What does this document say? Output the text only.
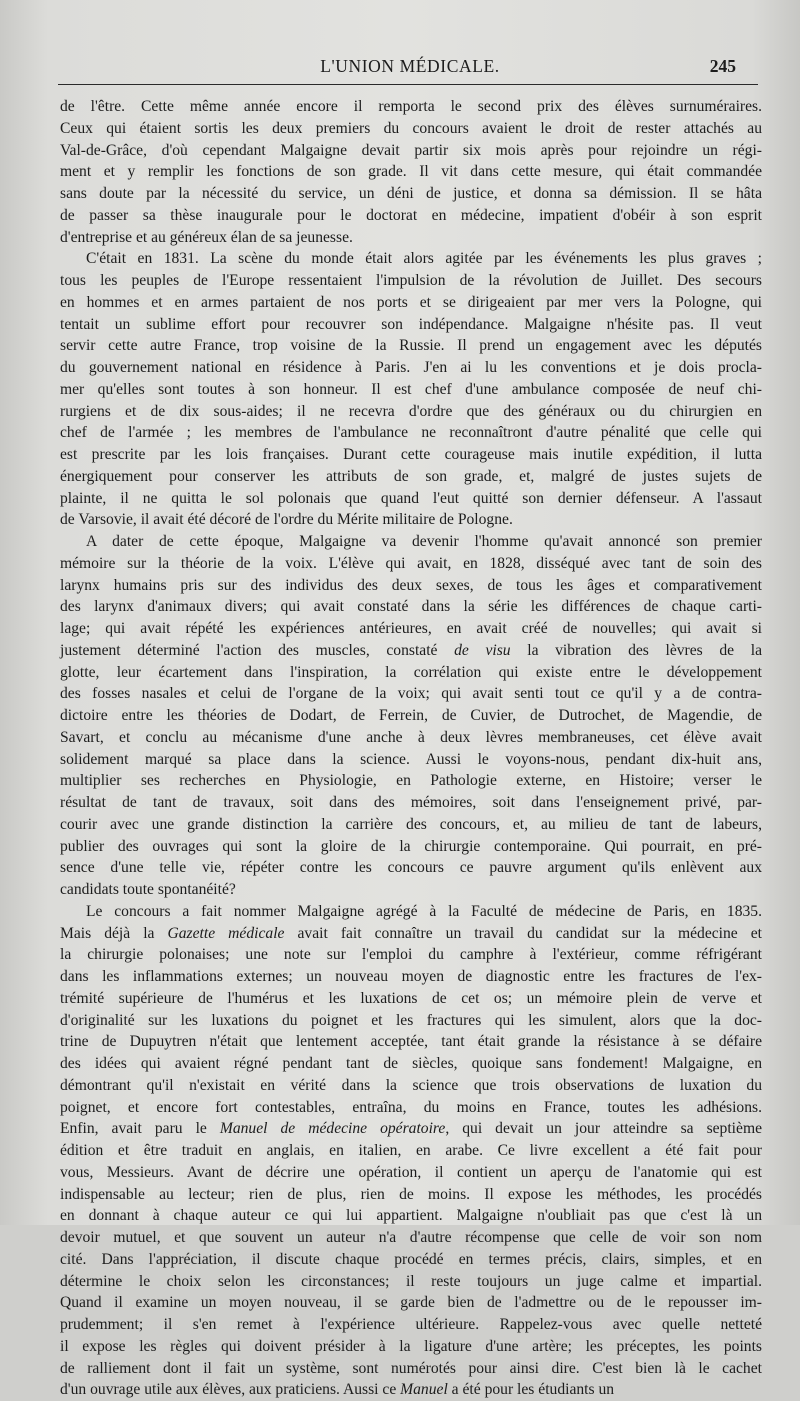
L'UNION MÉDICALE.	245
de l'être. Cette même année encore il remporta le second prix des élèves surnuméraires.
Ceux qui étaient sortis les deux premiers du concours avaient le droit de rester attachés au
Val-de-Grâce, d'où cependant Malgaigne devait partir six mois après pour rejoindre un régi-
ment et y remplir les fonctions de son grade. Il vit dans cette mesure, qui était commandée
sans doute par la nécessité du service, un déni de justice, et donna sa démission. Il se hâta
de passer sa thèse inaugurale pour le doctorat en médecine, impatient d'obéir à son esprit
d'entreprise et au généreux élan de sa jeunesse.
C'était en 1831. La scène du monde était alors agitée par les événements les plus graves ;
tous les peuples de l'Europe ressentaient l'impulsion de la révolution de Juillet. Des secours
en hommes et en armes partaient de nos ports et se dirigeaient par mer vers la Pologne, qui
tentait un sublime effort pour recouvrer son indépendance. Malgaigne n'hésite pas. Il veut
servir cette autre France, trop voisine de la Russie. Il prend un engagement avec les députés
du gouvernement national en résidence à Paris. J'en ai lu les conventions et je dois procla-
mer qu'elles sont toutes à son honneur. Il est chef d'une ambulance composée de neuf chi-
rurgiens et de dix sous-aides; il ne recevra d'ordre que des généraux ou du chirurgien en
chef de l'armée ; les membres de l'ambulance ne reconnaîtront d'autre pénalité que celle qui
est prescrite par les lois françaises. Durant cette courageuse mais inutile expédition, il lutta
énergiquement pour conserver les attributs de son grade, et, malgré de justes sujets de
plainte, il ne quitta le sol polonais que quand l'eut quitté son dernier défenseur. A l'assaut
de Varsovie, il avait été décoré de l'ordre du Mérite militaire de Pologne.
A dater de cette époque, Malgaigne va devenir l'homme qu'avait annoncé son premier
mémoire sur la théorie de la voix. L'élève qui avait, en 1828, disséqué avec tant de soin des
larynx humains pris sur des individus des deux sexes, de tous les âges et comparativement
des larynx d'animaux divers; qui avait constaté dans la série les différences de chaque carti-
lage; qui avait répété les expériences antérieures, en avait créé de nouvelles; qui avait si
justement déterminé l'action des muscles, constaté de visu la vibration des lèvres de la
glotte, leur écartement dans l'inspiration, la corrélation qui existe entre le développement
des fosses nasales et celui de l'organe de la voix; qui avait senti tout ce qu'il y a de contra-
dictoire entre les théories de Dodart, de Ferrein, de Cuvier, de Dutrochet, de Magendie, de
Savart, et conclu au mécanisme d'une anche à deux lèvres membraneuses, cet élève avait
solidement marqué sa place dans la science. Aussi le voyons-nous, pendant dix-huit ans,
multiplier ses recherches en Physiologie, en Pathologie externe, en Histoire; verser le
résultat de tant de travaux, soit dans des mémoires, soit dans l'enseignement privé, par-
courir avec une grande distinction la carrière des concours, et, au milieu de tant de labeurs,
publier des ouvrages qui sont la gloire de la chirurgie contemporaine. Qui pourrait, en pré-
sence d'une telle vie, répéter contre les concours ce pauvre argument qu'ils enlèvent aux
candidats toute spontanéité?
Le concours a fait nommer Malgaigne agrégé à la Faculté de médecine de Paris, en 1835.
Mais déjà la Gazette médicale avait fait connaître un travail du candidat sur la médecine et
la chirurgie polonaises; une note sur l'emploi du camphre à l'extérieur, comme réfrigérant
dans les inflammations externes; un nouveau moyen de diagnostic entre les fractures de l'ex-
trémité supérieure de l'humérus et les luxations de cet os; un mémoire plein de verve et
d'originalité sur les luxations du poignet et les fractures qui les simulent, alors que la doc-
trine de Dupuytren n'était que lentement acceptée, tant était grande la résistance à se défaire
des idées qui avaient régné pendant tant de siècles, quoique sans fondement! Malgaigne, en
démontrant qu'il n'existait en vérité dans la science que trois observations de luxation du
poignet, et encore fort contestables, entraîna, du moins en France, toutes les adhésions.
Enfin, avait paru le Manuel de médecine opératoire, qui devait un jour atteindre sa septième
édition et être traduit en anglais, en italien, en arabe. Ce livre excellent a été fait pour
vous, Messieurs. Avant de décrire une opération, il contient un aperçu de l'anatomie qui est
indispensable au lecteur; rien de plus, rien de moins. Il expose les méthodes, les procédés
en donnant à chaque auteur ce qui lui appartient. Malgaigne n'oubliait pas que c'est là un
devoir mutuel, et que souvent un auteur n'a d'autre récompense que celle de voir son nom
cité. Dans l'appréciation, il discute chaque procédé en termes précis, clairs, simples, et en
détermine le choix selon les circonstances; il reste toujours un juge calme et impartial.
Quand il examine un moyen nouveau, il se garde bien de l'admettre ou de le repousser im-
prudemment; il s'en remet à l'expérience ultérieure. Rappelez-vous avec quelle netteté
il expose les règles qui doivent présider à la ligature d'une artère; les préceptes, les points
de ralliement dont il fait un système, sont numérotés pour ainsi dire. C'est bien là le cachet
d'un ouvrage utile aux élèves, aux praticiens. Aussi ce Manuel a été pour les étudiants un
